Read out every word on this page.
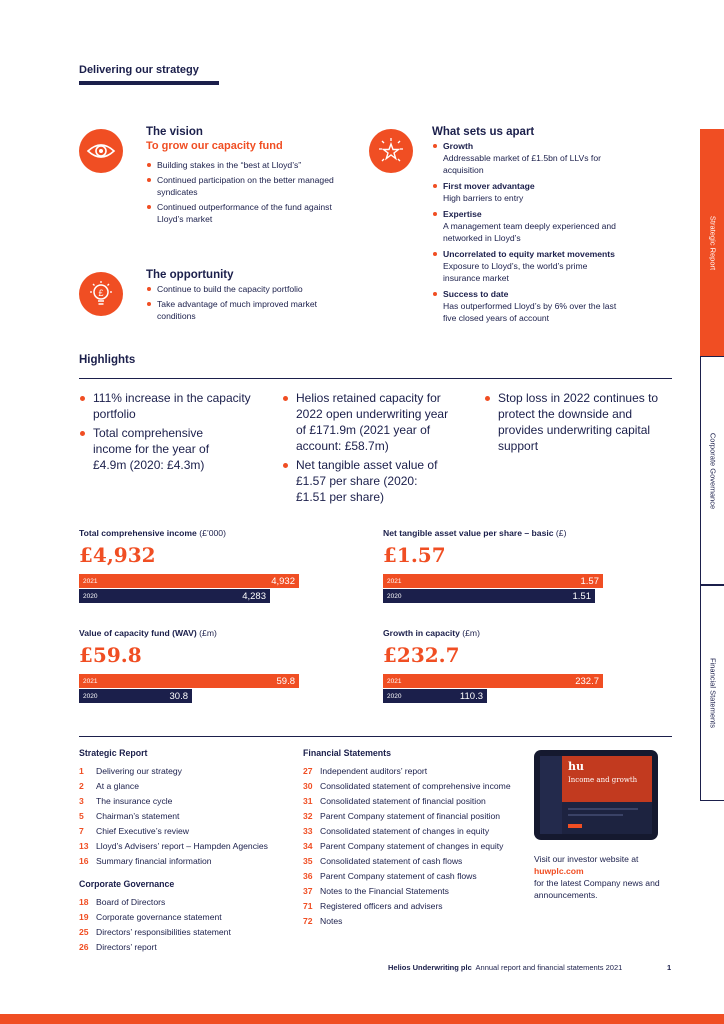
Delivering our strategy
Strategic Report
Corporate Governance
Financial Statements
The vision
To grow our capacity fund
Building stakes in the “best at Lloyd’s”
Continued participation on the better managed syndicates
Continued outperformance of the fund against Lloyd’s market
£
The opportunity
Continue to build the capacity portfolio
Take advantage of much improved market conditions
What sets us apart
Growth
Addressable market of £1.5bn of LLVs for acquisition
First mover advantage
High barriers to entry
Expertise
A management team deeply experienced and networked in Lloyd’s
Uncorrelated to equity market movements
Exposure to Lloyd’s, the world’s prime insurance market
Success to date
Has outperformed Lloyd’s by 6% over the last five closed years of account
Highlights
111% increase in the capacity portfolio
Total comprehensive income for the year of £4.9m (2020: £4.3m)
Helios retained capacity for 2022 open underwriting year of £171.9m (2021 year of account: £58.7m)
Net tangible asset value of £1.57 per share (2020: £1.51 per share)
Stop loss in 2022 continues to protect the downside and provides underwriting capital support
Total comprehensive income (£’000)
£4,932
2021	4,932
2020	4,283
Net tangible asset value per share – basic (£)
£1.57
2021	1.57
2020	1.51
Value of capacity fund (WAV) (£m)
£59.8
2021	59.8
2020	30.8
Growth in capacity (£m)
£232.7
2021	232.7
2020	110.3
Strategic Report
1 Delivering our strategy
2 At a glance
3 The insurance cycle
5 Chairman’s statement
7 Chief Executive’s review
13 Lloyd’s Advisers’ report – Hampden Agencies
16 Summary financial information
Corporate Governance
18 Board of Directors
19 Corporate governance statement
25 Directors’ responsibilities statement
26 Directors’ report
Financial Statements
27 Independent auditors’ report
30 Consolidated statement of comprehensive income
31 Consolidated statement of financial position
32 Parent Company statement of financial position
33 Consolidated statement of changes in equity
34 Parent Company statement of changes in equity
35 Consolidated statement of cash flows
36 Parent Company statement of cash flows
37 Notes to the Financial Statements
71 Registered officers and advisers
72 Notes
hu
Income and growth
Visit our investor website at
huwplc.com
for the latest Company news and announcements.
Helios Underwriting plc Annual report and financial statements 2021	1
